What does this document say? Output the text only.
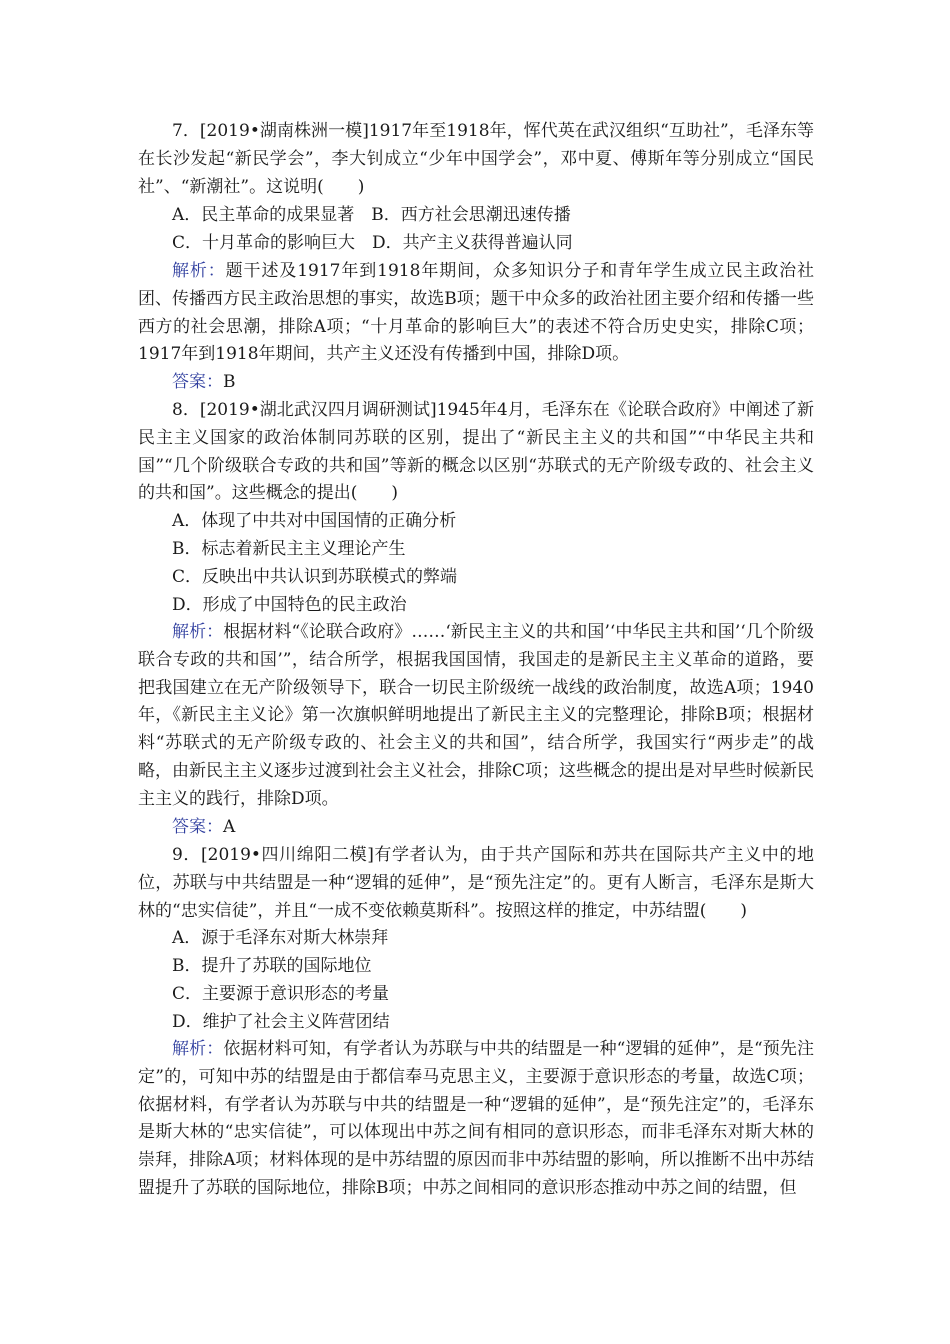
7．[2019•湖南株洲一模]1917年至1918年，恽代英在武汉组织“互助社”，毛泽东等在长沙发起“新民学会”，李大钊成立“少年中国学会”，邓中夏、傅斯年等分别成立“国民社”、“新潮社”。这说明(　　)

A．民主革命的成果显著　B．西方社会思潮迅速传播

C．十月革命的影响巨大　D．共产主义获得普遍认同

解析：题干述及1917年到1918年期间，众多知识分子和青年学生成立民主政治社团、传播西方民主政治思想的事实，故选B项；题干中众多的政治社团主要介绍和传播一些西方的社会思潮，排除A项；“十月革命的影响巨大”的表述不符合历史史实，排除C项；1917年到1918年期间，共产主义还没有传播到中国，排除D项。

答案：B

8．[2019•湖北武汉四月调研测试]1945年4月，毛泽东在《论联合政府》中阐述了新民主主义国家的政治体制同苏联的区别，提出了“新民主主义的共和国”“中华民主共和国”“几个阶级联合专政的共和国”等新的概念以区别“苏联式的无产阶级专政的、社会主义的共和国”。这些概念的提出(　　)

A．体现了中共对中国国情的正确分析

B．标志着新民主主义理论产生

C．反映出中共认识到苏联模式的弊端

D．形成了中国特色的民主政治

解析：根据材料“《论联合政府》……‘新民主主义的共和国’‘中华民主共和国’‘几个阶级联合专政的共和国’”，结合所学，根据我国国情，我国走的是新民主主义革命的道路，要把我国建立在无产阶级领导下，联合一切民主阶级统一战线的政治制度，故选A项；1940年，《新民主主义论》第一次旗帜鲜明地提出了新民主主义的完整理论，排除B项；根据材料“苏联式的无产阶级专政的、社会主义的共和国”，结合所学，我国实行“两步走”的战略，由新民主主义逐步过渡到社会主义社会，排除C项；这些概念的提出是对早些时候新民主主义的践行，排除D项。

答案：A

9．[2019•四川绵阳二模]有学者认为，由于共产国际和苏共在国际共产主义中的地位，苏联与中共结盟是一种“逻辑的延伸”，是“预先注定”的。更有人断言，毛泽东是斯大林的“忠实信徒”，并且“一成不变依赖莫斯科”。按照这样的推定，中苏结盟(　　)

A．源于毛泽东对斯大林崇拜

B．提升了苏联的国际地位

C．主要源于意识形态的考量

D．维护了社会主义阵营团结

解析：依据材料可知，有学者认为苏联与中共的结盟是一种“逻辑的延伸”，是“预先注定”的，可知中苏的结盟是由于都信奉马克思主义，主要源于意识形态的考量，故选C项；依据材料，有学者认为苏联与中共的结盟是一种“逻辑的延伸”，是“预先注定”的，毛泽东是斯大林的“忠实信徒”，可以体现出中苏之间有相同的意识形态，而非毛泽东对斯大林的崇拜，排除A项；材料体现的是中苏结盟的原因而非中苏结盟的影响，所以推断不出中苏结盟提升了苏联的国际地位，排除B项；中苏之间相同的意识形态推动中苏之间的结盟，但
